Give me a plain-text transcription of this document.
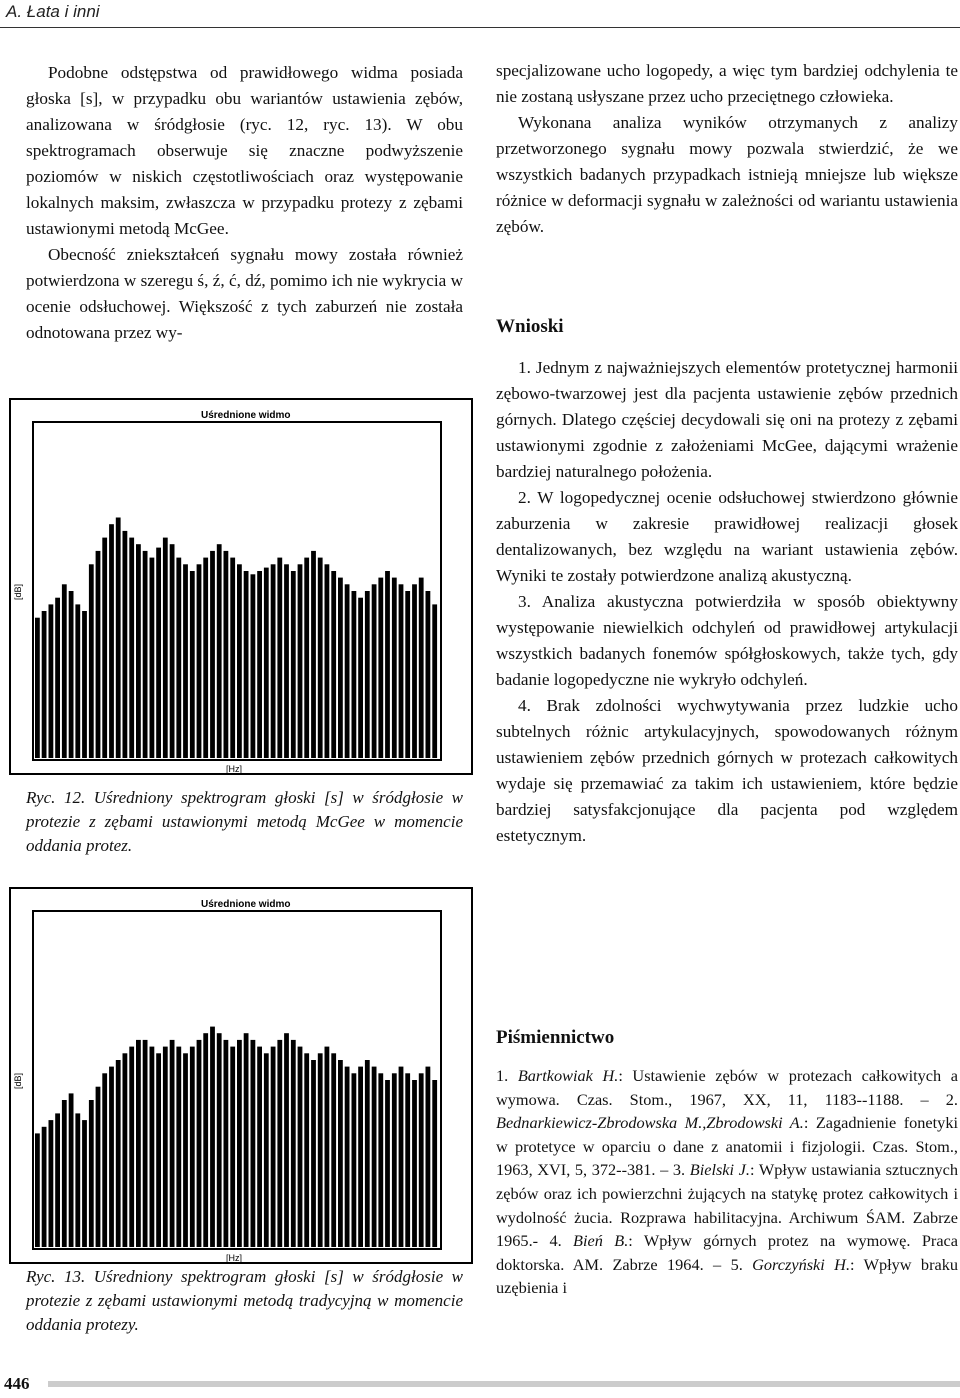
A. Łata i inni

Podobne odstępstwa od prawidłowego widma posiada głoska [s], w przypadku obu wariantów ustawienia zębów, analizowana w śródgłosie (ryc. 12, ryc. 13). W obu spektrogramach obserwuje się znaczne podwyższenie poziomów w niskich częstotliwościach oraz występowanie lokalnych maksim, zwłaszcza w przypadku protezy z zębami ustawionymi metodą McGee.

Obecność zniekształceń sygnału mowy została również potwierdzona w szeregu ś, ź, ć, dź, pomimo ich nie wykrycia w ocenie odsłuchowej. Większość z tych zaburzeń nie została odnotowana przez wy-

Uśrednione widmo
[dB]
[Hz]
Ryc. 12. Uśredniony spektrogram głoski [s] w śródgłosie w protezie z zębami ustawionymi metodą McGee w momencie oddania protez.
Uśrednione widmo
[dB]
[Hz]
Ryc. 13. Uśredniony spektrogram głoski [s] w śródgłosie w protezie z zębami ustawionymi metodą tradycyjną w momencie oddania protezy.

specjalizowane ucho logopedy, a więc tym bardziej odchylenia te nie zostaną usłyszane przez ucho przeciętnego człowieka.

Wykonana analiza wyników otrzymanych z analizy przetworzonego sygnału mowy pozwala stwierdzić, że we wszystkich badanych przypadkach istnieją mniejsze lub większe różnice w deformacji sygnału w zależności od wariantu ustawienia zębów.

Wnioski

1. Jednym z najważniejszych elementów protetycznej harmonii zębowo-twarzowej jest dla pacjenta ustawienie zębów przednich górnych. Dlatego częściej decydowali się oni na protezy z zębami ustawionymi zgodnie z założeniami McGee, dającymi wrażenie bardziej naturalnego położenia.

2. W logopedycznej ocenie odsłuchowej stwierdzono głównie zaburzenia w zakresie prawidłowej realizacji głosek dentalizowanych, bez względu na wariant ustawienia zębów. Wyniki te zostały potwierdzone analizą akustyczną.

3. Analiza akustyczna potwierdziła w sposób obiektywny występowanie niewielkich odchyleń od prawidłowej artykulacji wszystkich badanych fonemów spółgłoskowych, także tych, gdy badanie logopedyczne nie wykryło odchyleń.

4. Brak zdolności wychwytywania przez ludzkie ucho subtelnych różnic artykulacyjnych, spowodowanych różnym ustawieniem zębów przednich górnych w protezach całkowitych wydaje się przemawiać za takim ich ustawieniem, które będzie bardziej satysfakcjonujące dla pacjenta pod względem estetycznym.

Piśmiennictwo
1. Bartkowiak H.: Ustawienie zębów w protezach całkowitych a wymowa. Czas. Stom., 1967, XX, 11, 1183--1188. – 2. Bednarkiewicz-Zbrodowska M.,Zbrodowski A.: Zagadnienie fonetyki w protetyce w oparciu o dane z anatomii i fizjologii. Czas. Stom., 1963, XVI, 5, 372--381. – 3. Bielski J.: Wpływ ustawiania sztucznych zębów oraz ich powierzchni żujących na statykę protez całkowitych i wydolność żucia. Rozprawa habilitacyjna. Archiwum ŚAM. Zabrze 1965.- 4. Bień B.: Wpływ górnych protez na wymowę. Praca doktorska. AM. Zabrze 1964. – 5. Gorczyński H.: Wpływ braku uzębienia i
446
